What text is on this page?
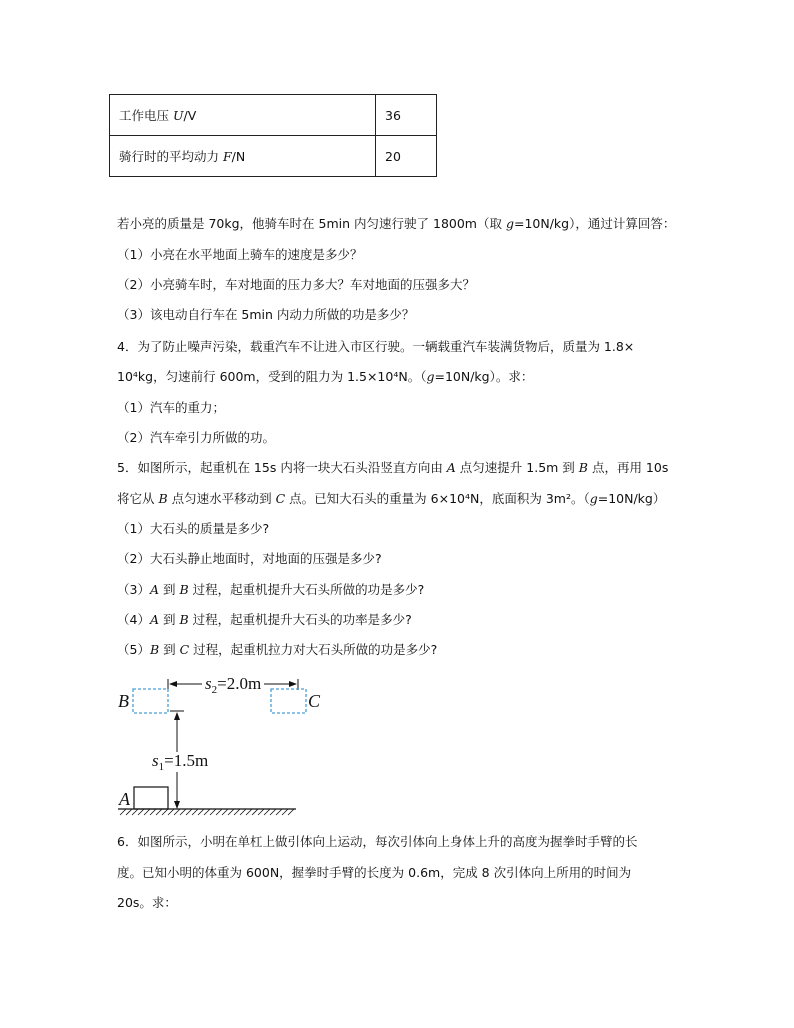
工作电压 U/V	36
骑行时的平均动力 F/N	20
若小亮的质量是 70kg，他骑车时在 5min 内匀速行驶了 1800m（取 g=10N/kg），通过计算回答：
（1）小亮在水平地面上骑车的速度是多少？
（2）小亮骑车时，车对地面的压力多大？车对地面的压强多大？
（3）该电动自行车在 5min 内动力所做的功是多少？
4．为了防止噪声污染，载重汽车不让进入市区行驶。一辆载重汽车装满货物后，质量为 1.8×
10⁴kg，匀速前行 600m，受到的阻力为 1.5×10⁴N。（g=10N/kg）。求：
（1）汽车的重力；
（2）汽车牵引力所做的功。
5．如图所示，起重机在 15s 内将一块大石头沿竖直方向由 A 点匀速提升 1.5m 到 B 点，再用 10s
将它从 B 点匀速水平移动到 C 点。已知大石头的重量为 6×10⁴N，底面积为 3m²。（g=10N/kg）
（1）大石头的质量是多少?
（2）大石头静止地面时，对地面的压强是多少?
（3）A 到 B 过程，起重机提升大石头所做的功是多少?
（4）A 到 B 过程，起重机提升大石头的功率是多少?
（5）B 到 C 过程，起重机拉力对大石头所做的功是多少?
B	C
A
$s_2=2.0m$
$s_1=1.5m$
6．如图所示，小明在单杠上做引体向上运动，每次引体向上身体上升的高度为握拳时手臂的长
度。已知小明的体重为 600N，握拳时手臂的长度为 0.6m，完成 8 次引体向上所用的时间为
20s。求：
